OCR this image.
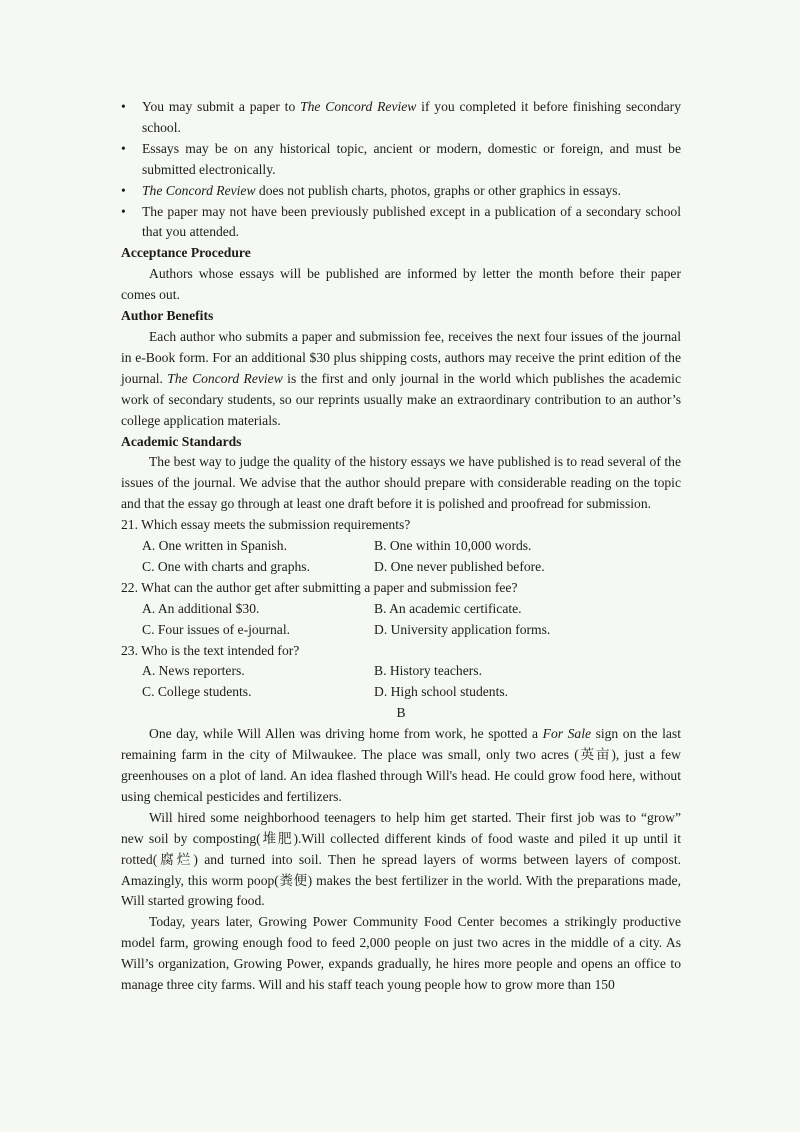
• You may submit a paper to The Concord Review if you completed it before finishing secondary school.
• Essays may be on any historical topic, ancient or modern, domestic or foreign, and must be submitted electronically.
• The Concord Review does not publish charts, photos, graphs or other graphics in essays.
• The paper may not have been previously published except in a publication of a secondary school that you attended.
Acceptance Procedure

Authors whose essays will be published are informed by letter the month before their paper comes out.

Author Benefits

Each author who submits a paper and submission fee, receives the next four issues of the journal in e-Book form. For an additional $30 plus shipping costs, authors may receive the print edition of the journal. The Concord Review is the first and only journal in the world which publishes the academic work of secondary students, so our reprints usually make an extraordinary contribution to an author’s college application materials.

Academic Standards

The best way to judge the quality of the history essays we have published is to read several of the issues of the journal. We advise that the author should prepare with considerable reading on the topic and that the essay go through at least one draft before it is polished and proofread for submission.

21. Which essay meets the submission requirements?
A. One written in Spanish.	B. One within 10,000 words.
C. One with charts and graphs.	D. One never published before.
22. What can the author get after submitting a paper and submission fee?
A. An additional $30.	B. An academic certificate.
C. Four issues of e-journal.	D. University application forms.
23. Who is the text intended for?
A. News reporters.	B. History teachers.
C. College students.	D. High school students.
B

One day, while Will Allen was driving home from work, he spotted a For Sale sign on the last remaining farm in the city of Milwaukee. The place was small, only two acres (英亩), just a few greenhouses on a plot of land. An idea flashed through Will's head. He could grow food here, without using chemical pesticides and fertilizers.

Will hired some neighborhood teenagers to help him get started. Their first job was to “grow” new soil by composting(堆肥).Will collected different kinds of food waste and piled it up until it rotted(腐烂) and turned into soil. Then he spread layers of worms between layers of compost. Amazingly, this worm poop(粪便) makes the best fertilizer in the world. With the preparations made, Will started growing food.

Today, years later, Growing Power Community Food Center becomes a strikingly productive model farm, growing enough food to feed 2,000 people on just two acres in the middle of a city. As Will’s organization, Growing Power, expands gradually, he hires more people and opens an office to manage three city farms. Will and his staff teach young people how to grow more than 150
